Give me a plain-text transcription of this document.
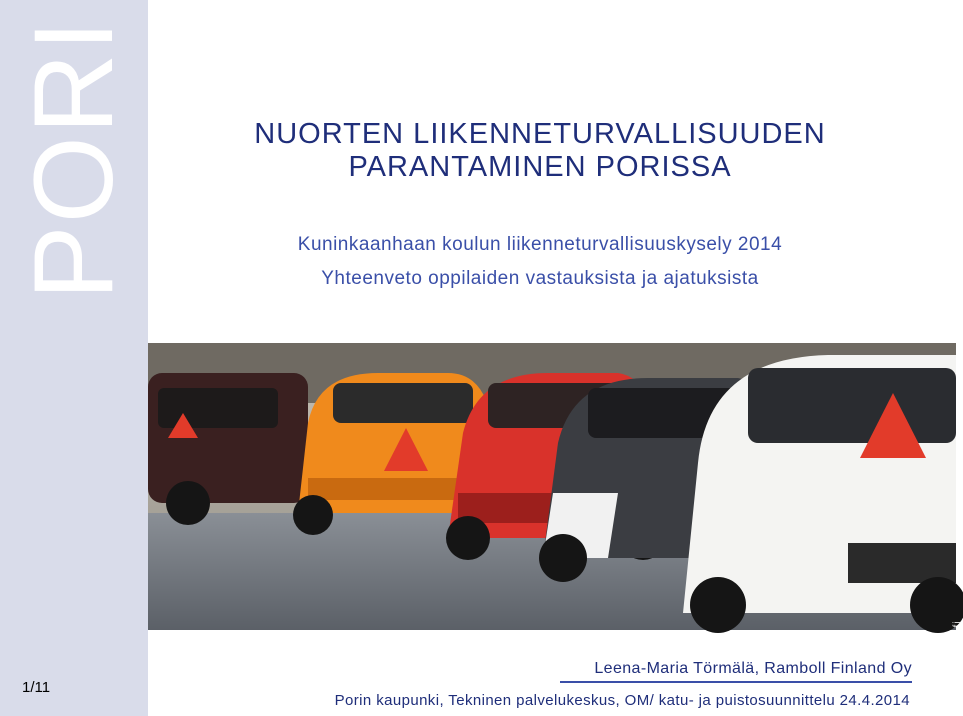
PORI
1/11
NUORTEN LIIKENNETURVALLISUUDEN
PARANTAMINEN PORISSA
Kuninkaanhaan koulun liikenneturvallisuuskysely 2014
Yhteenveto oppilaiden vastauksista ja ajatuksista
www.ts.fi
Leena-Maria Törmälä, Ramboll Finland Oy
Porin kaupunki, Tekninen palvelukeskus, OM/ katu- ja puistosuunnittelu 24.4.2014
